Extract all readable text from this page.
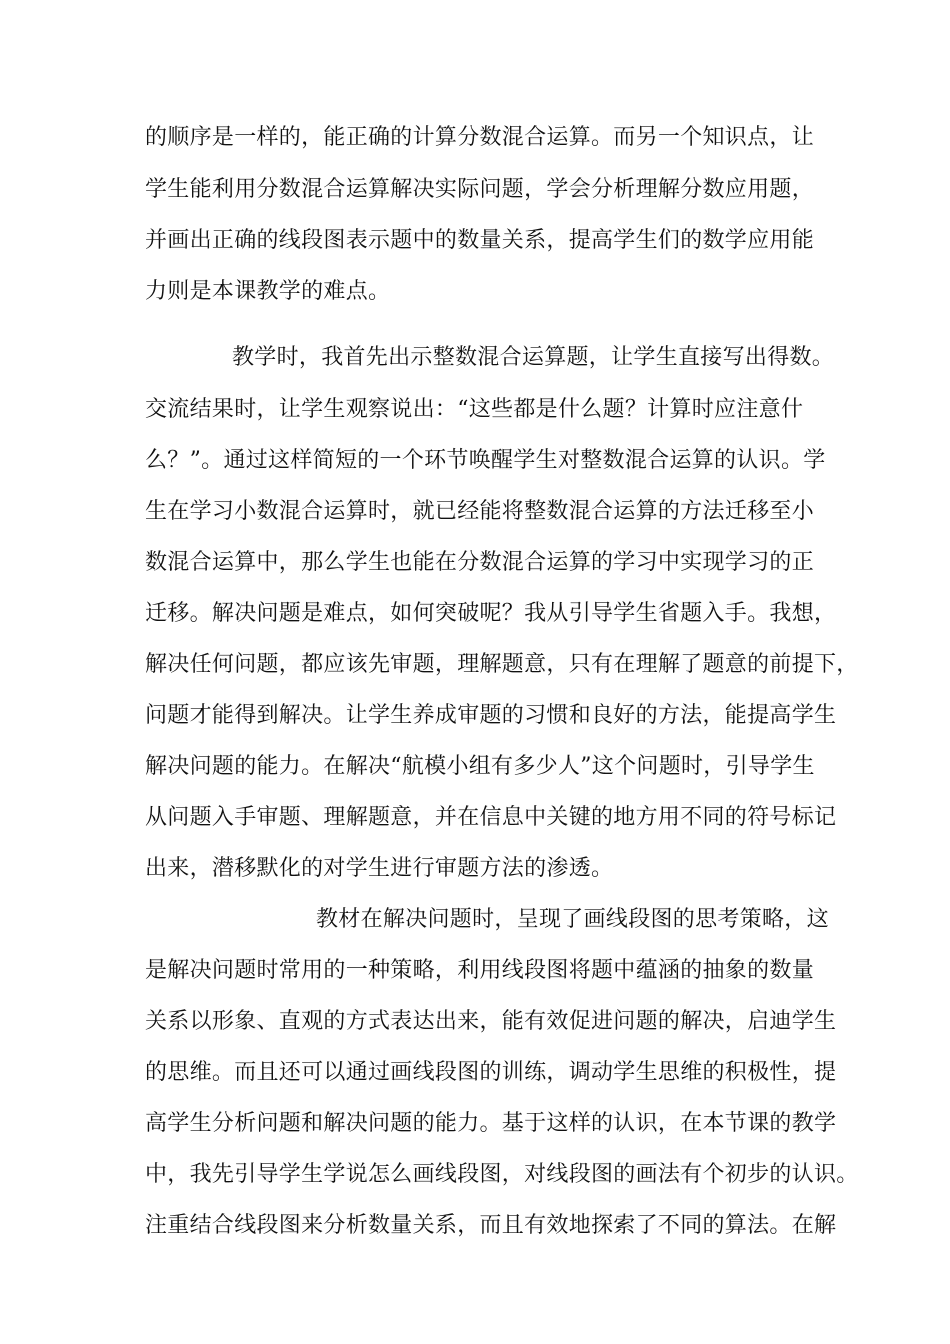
的顺序是一样的，能正确的计算分数混合运算。而另一个知识点，让
学生能利用分数混合运算解决实际问题，学会分析理解分数应用题，
并画出正确的线段图表示题中的数量关系，提高学生们的数学应用能
力则是本课教学的难点。
教学时，我首先出示整数混合运算题，让学生直接写出得数。
交流结果时，让学生观察说出：“这些都是什么题？计算时应注意什
么？”。通过这样简短的一个环节唤醒学生对整数混合运算的认识。学
生在学习小数混合运算时，就已经能将整数混合运算的方法迁移至小
数混合运算中，那么学生也能在分数混合运算的学习中实现学习的正
迁移。解决问题是难点，如何突破呢？我从引导学生省题入手。我想，
解决任何问题，都应该先审题，理解题意，只有在理解了题意的前提下，
问题才能得到解决。让学生养成审题的习惯和良好的方法，能提高学生
解决问题的能力。在解决“航模小组有多少人”这个问题时，引导学生
从问题入手审题、理解题意，并在信息中关键的地方用不同的符号标记
出来，潜移默化的对学生进行审题方法的渗透。
教材在解决问题时，呈现了画线段图的思考策略，这
是解决问题时常用的一种策略，利用线段图将题中蕴涵的抽象的数量
关系以形象、直观的方式表达出来，能有效促进问题的解决，启迪学生
的思维。而且还可以通过画线段图的训练，调动学生思维的积极性，提
高学生分析问题和解决问题的能力。基于这样的认识，在本节课的教学
中，我先引导学生学说怎么画线段图，对线段图的画法有个初步的认识。
注重结合线段图来分析数量关系，而且有效地探索了不同的算法。在解
